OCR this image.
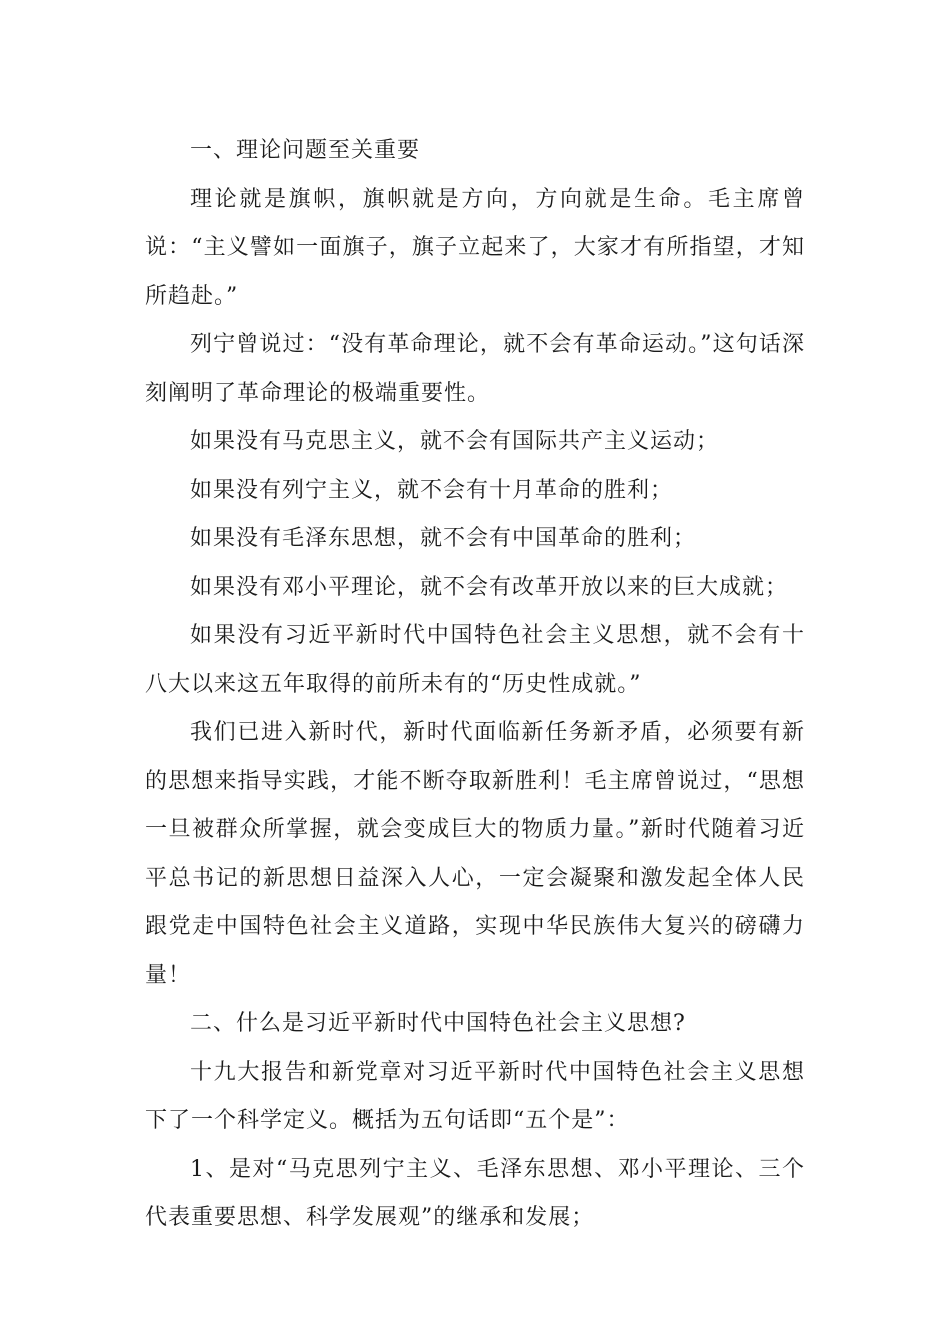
一、理论问题至关重要

理论就是旗帜，旗帜就是方向，方向就是生命。毛主席曾说：“主义譬如一面旗子，旗子立起来了，大家才有所指望，才知所趋赴。”

列宁曾说过：“没有革命理论，就不会有革命运动。”这句话深刻阐明了革命理论的极端重要性。

如果没有马克思主义，就不会有国际共产主义运动；

如果没有列宁主义，就不会有十月革命的胜利；

如果没有毛泽东思想，就不会有中国革命的胜利；

如果没有邓小平理论，就不会有改革开放以来的巨大成就；

如果没有习近平新时代中国特色社会主义思想，就不会有十八大以来这五年取得的前所未有的“历史性成就。”

我们已进入新时代，新时代面临新任务新矛盾，必须要有新的思想来指导实践，才能不断夺取新胜利！毛主席曾说过，“思想一旦被群众所掌握，就会变成巨大的物质力量。”新时代随着习近平总书记的新思想日益深入人心，一定会凝聚和激发起全体人民跟党走中国特色社会主义道路，实现中华民族伟大复兴的磅礴力量！

二、什么是习近平新时代中国特色社会主义思想?

十九大报告和新党章对习近平新时代中国特色社会主义思想下了一个科学定义。概括为五句话即“五个是”：

1、是对“马克思列宁主义、毛泽东思想、邓小平理论、三个代表重要思想、科学发展观”的继承和发展；
